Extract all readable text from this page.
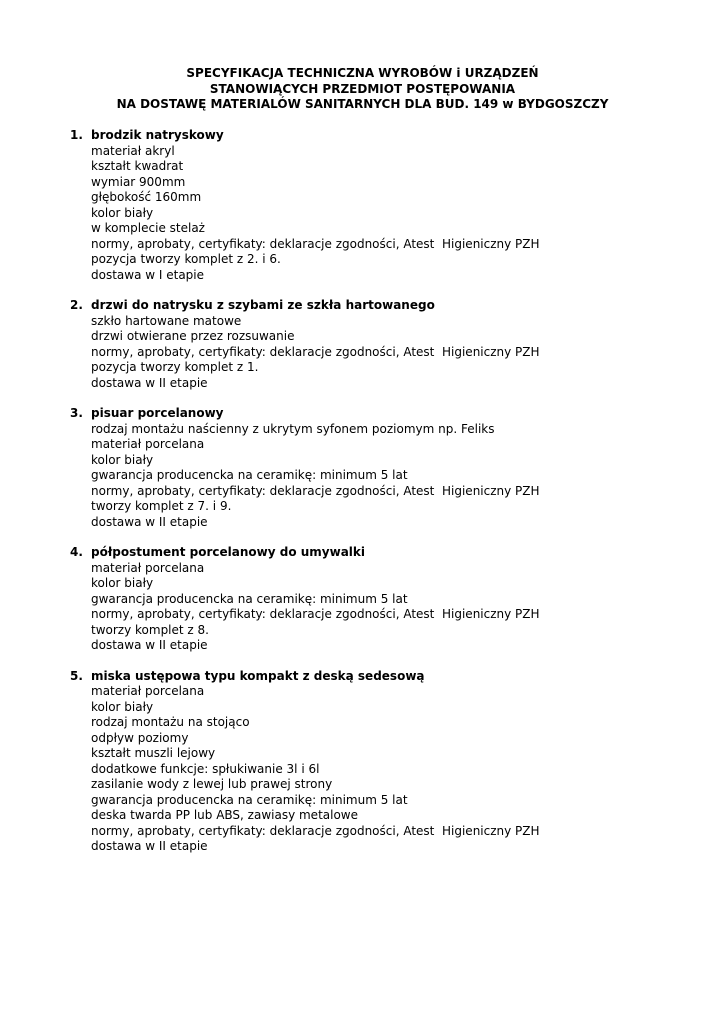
SPECYFIKACJA TECHNICZNA WYROBÓW i URZĄDZEŃ
STANOWIĄCYCH PRZEDMIOT POSTĘPOWANIA
NA DOSTAWĘ MATERIALÓW SANITARNYCH DLA BUD. 149 w BYDGOSZCZY
1. brodzik natryskowy
materiał akryl
kształt kwadrat
wymiar 900mm
głębokość 160mm
kolor biały
w komplecie stelaż
normy, aprobaty, certyfikaty: deklaracje zgodności, Atest  Higieniczny PZH
pozycja tworzy komplet z 2. i 6.
dostawa w I etapie
2. drzwi do natrysku z szybami ze szkła hartowanego
szkło hartowane matowe
drzwi otwierane przez rozsuwanie
normy, aprobaty, certyfikaty: deklaracje zgodności, Atest  Higieniczny PZH
pozycja tworzy komplet z 1.
dostawa w II etapie
3. pisuar porcelanowy
rodzaj montażu naścienny z ukrytym syfonem poziomym np. Feliks
materiał porcelana
kolor biały
gwarancja producencka na ceramikę: minimum 5 lat
normy, aprobaty, certyfikaty: deklaracje zgodności, Atest  Higieniczny PZH
tworzy komplet z 7. i 9.
dostawa w II etapie
4. półpostument porcelanowy do umywalki
materiał porcelana
kolor biały
gwarancja producencka na ceramikę: minimum 5 lat
normy, aprobaty, certyfikaty: deklaracje zgodności, Atest  Higieniczny PZH
tworzy komplet z 8.
dostawa w II etapie
5. miska ustępowa typu kompakt z deską sedesową
materiał porcelana
kolor biały
rodzaj montażu na stojąco
odpływ poziomy
kształt muszli lejowy
dodatkowe funkcje: spłukiwanie 3l i 6l
zasilanie wody z lewej lub prawej strony
gwarancja producencka na ceramikę: minimum 5 lat
deska twarda PP lub ABS, zawiasy metalowe
normy, aprobaty, certyfikaty: deklaracje zgodności, Atest  Higieniczny PZH
dostawa w II etapie
